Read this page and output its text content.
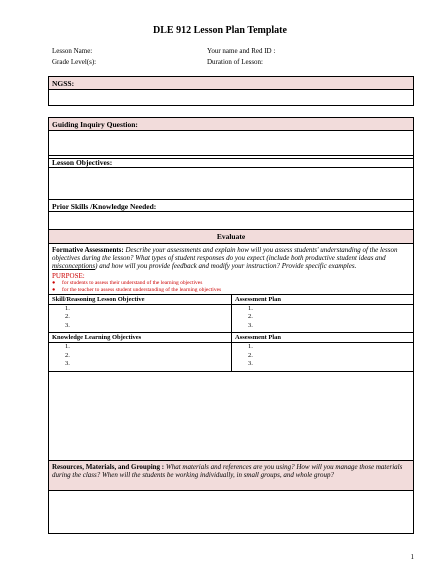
DLE 912 Lesson Plan Template
Lesson Name:	Your name and Red ID :
Grade Level(s):	Duration of Lesson:
NGSS:
Guiding Inquiry Question:
Lesson Objectives:
Prior Skills /Knowledge Needed:
Evaluate
Formative Assessments: Describe your assessments and explain how will you assess students' understanding of the lesson objectives during the lesson? What types of student responses do you expect (include both productive student ideas and misconceptions) and how will you provide feedback and modify your instruction? Provide specific examples.
PURPOSE:
● for students to assess their understand of the learning objectives
● for the teacher to assess student understanding of the learning objectives
Skill/Reasoning Lesson Objective
1.
2.
3.
Assessment Plan
1.
2.
3.
Knowledge Learning Objectives
1.
2.
3.
Assessment Plan
1.
2.
3.
Resources, Materials, and Grouping : What materials and references are you using? How will you manage those materials during the class? When will the students be working individually, in small groups, and whole group?
1
